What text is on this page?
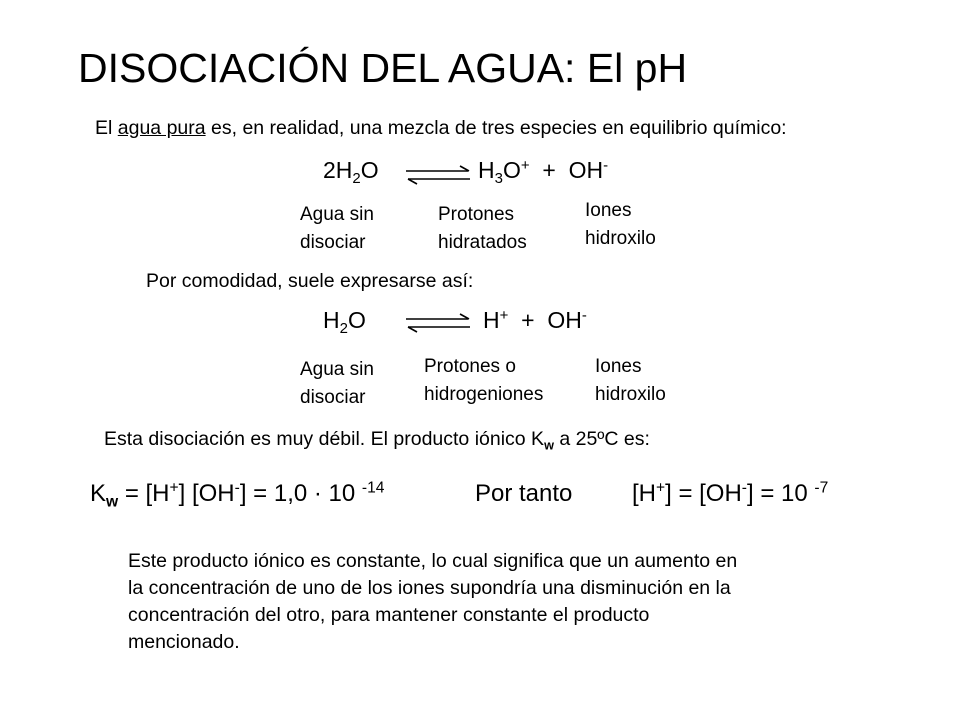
DISOCIACIÓN DEL AGUA: El pH
El agua pura es, en realidad, una mezcla de tres especies en equilibrio químico:
$2H_2O$	$H_3O^+ + OH^-$
Agua sin
disociar
Protones
hidratados
Iones
hidroxilo
Por comodidad, suele expresarse así:
$H_2O$	H+ + OH-
Agua sin
disociar
Protones o
hidrogeniones
Iones
hidroxilo
Esta disociación es muy débil. El producto iónico $K_w$ a 25ºC es:
$K_w = [H^+] [OH^-] = 1,0 \cdot 10$ $^{-14}$	Por tanto [H+] = [OH-] = 10 $^{-7}$
Este producto iónico es constante, lo cual significa que un aumento en
la concentración de uno de los iones supondría una disminución en la
concentración del otro, para mantener constante el producto
mencionado.
